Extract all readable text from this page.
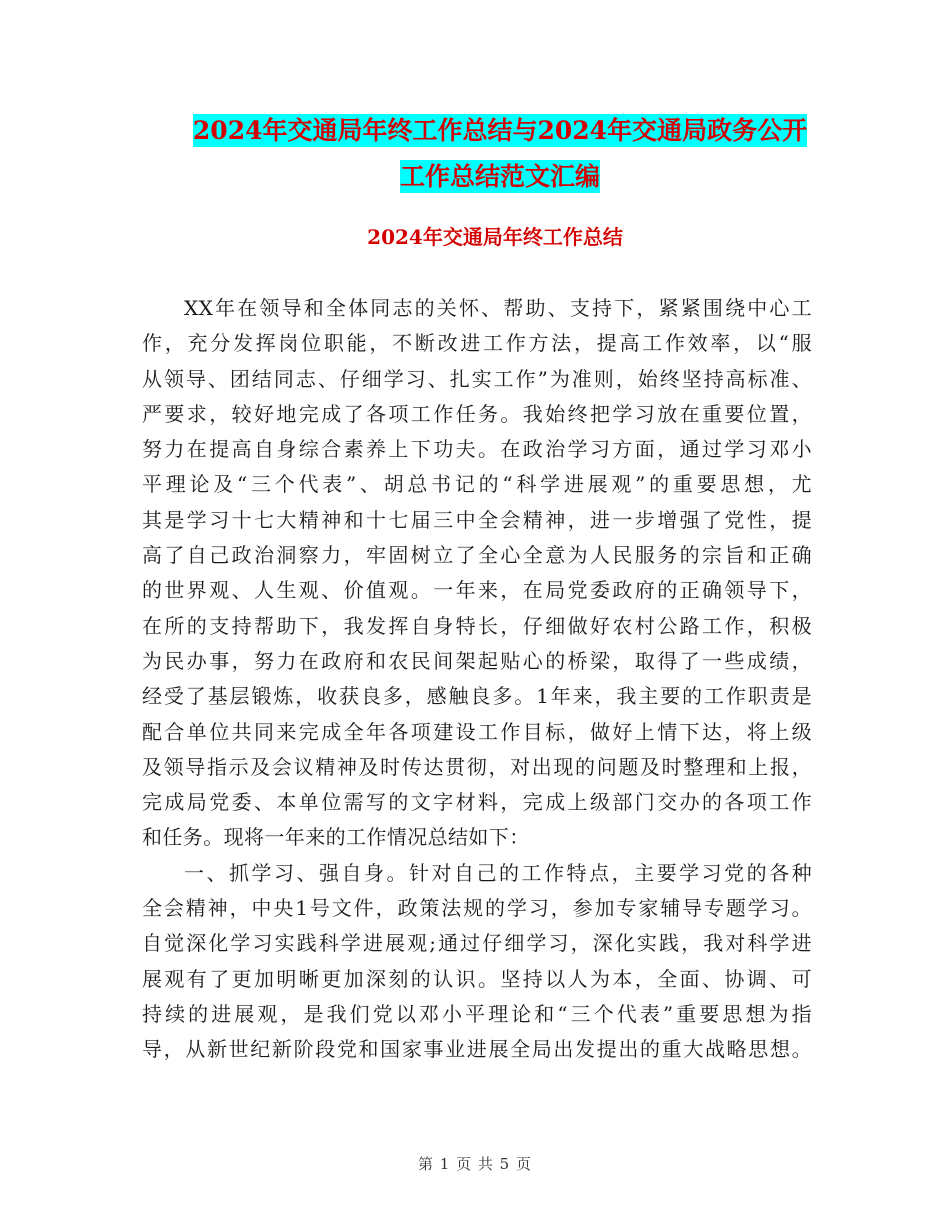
2024年交通局年终工作总结与2024年交通局政务公开
工作总结范文汇编
2024年交通局年终工作总结
XX年在领导和全体同志的关怀、帮助、支持下，紧紧围绕中心工
作，充分发挥岗位职能，不断改进工作方法，提高工作效率，以“服
从领导、团结同志、仔细学习、扎实工作”为准则，始终坚持高标准、
严要求，较好地完成了各项工作任务。我始终把学习放在重要位置，
努力在提高自身综合素养上下功夫。在政治学习方面，通过学习邓小
平理论及“三个代表”、胡总书记的“科学进展观”的重要思想，尤
其是学习十七大精神和十七届三中全会精神，进一步增强了党性，提
高了自己政治洞察力，牢固树立了全心全意为人民服务的宗旨和正确
的世界观、人生观、价值观。一年来，在局党委政府的正确领导下，
在所的支持帮助下，我发挥自身特长，仔细做好农村公路工作，积极
为民办事，努力在政府和农民间架起贴心的桥梁，取得了一些成绩，
经受了基层锻炼，收获良多，感触良多。1年来，我主要的工作职责是
配合单位共同来完成全年各项建设工作目标，做好上情下达，将上级
及领导指示及会议精神及时传达贯彻，对出现的问题及时整理和上报，
完成局党委、本单位需写的文字材料，完成上级部门交办的各项工作
和任务。现将一年来的工作情况总结如下：
一、抓学习、强自身。针对自己的工作特点，主要学习党的各种
全会精神，中央1号文件，政策法规的学习，参加专家辅导专题学习。
自觉深化学习实践科学进展观;通过仔细学习，深化实践，我对科学进
展观有了更加明晰更加深刻的认识。坚持以人为本，全面、协调、可
持续的进展观，是我们党以邓小平理论和“三个代表”重要思想为指
导，从新世纪新阶段党和国家事业进展全局出发提出的重大战略思想。
第 1 页 共 5 页
